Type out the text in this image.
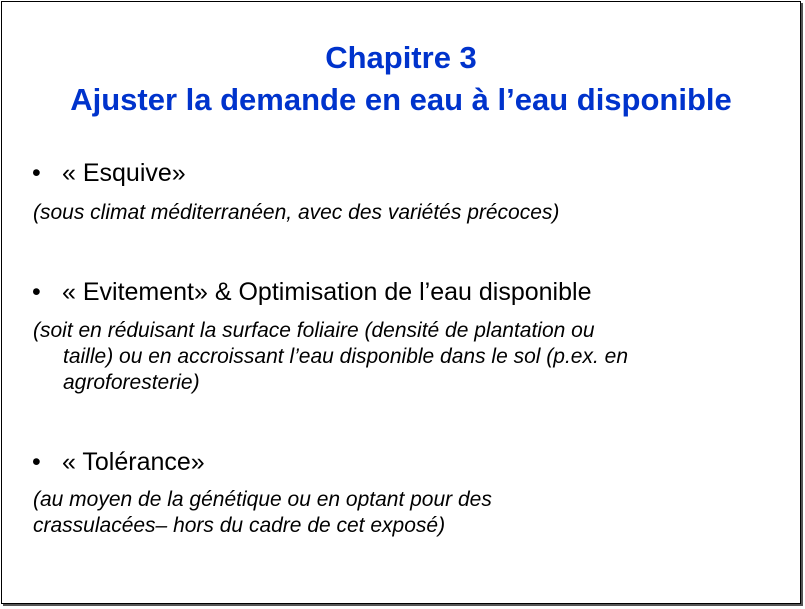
Chapitre 3
Ajuster la demande en eau à l’eau disponible
• « Esquive»
(sous climat méditerranéen, avec des variétés précoces)
• « Evitement» & Optimisation de l’eau disponible
(soit en réduisant la surface foliaire (densité de plantation ou
taille) ou en accroissant l’eau disponible dans le sol (p.ex. en
agroforesterie)
• « Tolérance»
(au moyen de la génétique ou en optant pour des
crassulacées– hors du cadre de cet exposé)
